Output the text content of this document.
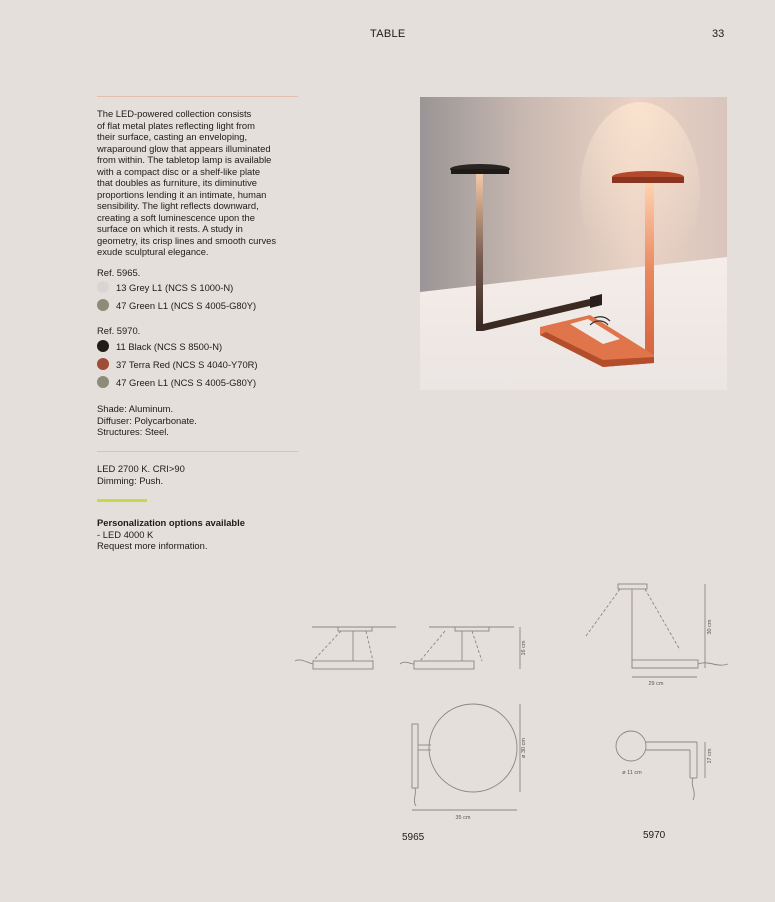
TABLE	33

The LED-powered collection consists

of flat metal plates reflecting light from

their surface, casting an enveloping,

wraparound glow that appears illuminated

from within. The tabletop lamp is available

with a compact disc or a shelf-like plate

that doubles as furniture, its diminutive

proportions lending it an intimate, human

sensibility. The light reflects downward,

creating a soft luminescence upon the

surface on which it rests. A study in

geometry, its crisp lines and smooth curves

exude sculptural elegance.

Ref. 5965.
13 Grey L1 (NCS S 1000-N)
47 Green L1 (NCS S 4005-G80Y)
Ref. 5970.
11 Black (NCS S 8500-N)
37 Terra Red (NCS S 4040-Y70R)
47 Green L1 (NCS S 4005-G80Y)
Shade: Aluminum.
Diffuser: Polycarbonate.
Structures: Steel.
LED 2700 K. CRI>90
Dimming: Push.
Personalization options available
- LED 4000 K
Request more information.
16 cm
ø 30 cm
35 cm
30 cm
29 cm
17 cm
ø 11 cm
5965	5970
